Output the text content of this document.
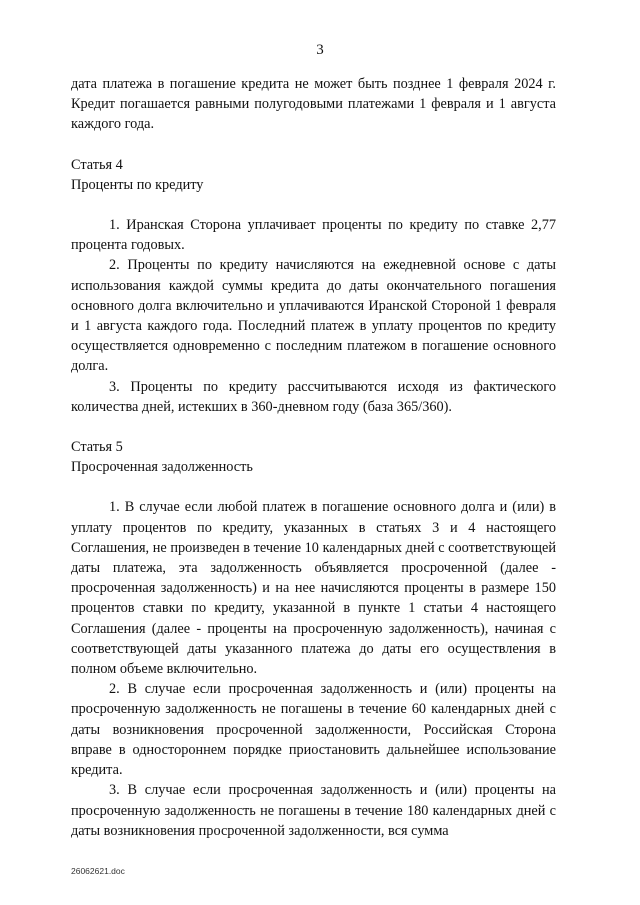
3

дата платежа в погашение кредита не может быть позднее 1 февраля 2024 г. Кредит погашается равными полугодовыми платежами 1 февраля и 1 августа каждого года.

Статья 4

Проценты по кредиту

1. Иранская Сторона уплачивает проценты по кредиту по ставке 2,77 процента годовых.

2. Проценты по кредиту начисляются на ежедневной основе с даты использования каждой суммы кредита до даты окончательного погашения основного долга включительно и уплачиваются Иранской Стороной 1 февраля и 1 августа каждого года. Последний платеж в уплату процентов по кредиту осуществляется одновременно с последним платежом в погашение основного долга.

3. Проценты по кредиту рассчитываются исходя из фактического количества дней, истекших в 360-дневном году (база 365/360).

Статья 5

Просроченная задолженность

1. В случае если любой платеж в погашение основного долга и (или) в уплату процентов по кредиту, указанных в статьях 3 и 4 настоящего Соглашения, не произведен в течение 10 календарных дней с соответствующей даты платежа, эта задолженность объявляется просроченной (далее - просроченная задолженность) и на нее начисляются проценты в размере 150 процентов ставки по кредиту, указанной в пункте 1 статьи 4 настоящего Соглашения (далее - проценты на просроченную задолженность), начиная с соответствующей даты указанного платежа до даты его осуществления в полном объеме включительно.

2. В случае если просроченная задолженность и (или) проценты на просроченную задолженность не погашены в течение 60 календарных дней с даты возникновения просроченной задолженности, Российская Сторона вправе в одностороннем порядке приостановить дальнейшее использование кредита.

3. В случае если просроченная задолженность и (или) проценты на просроченную задолженность не погашены в течение 180 календарных дней с даты возникновения просроченной задолженности, вся сумма

26062621.doc
